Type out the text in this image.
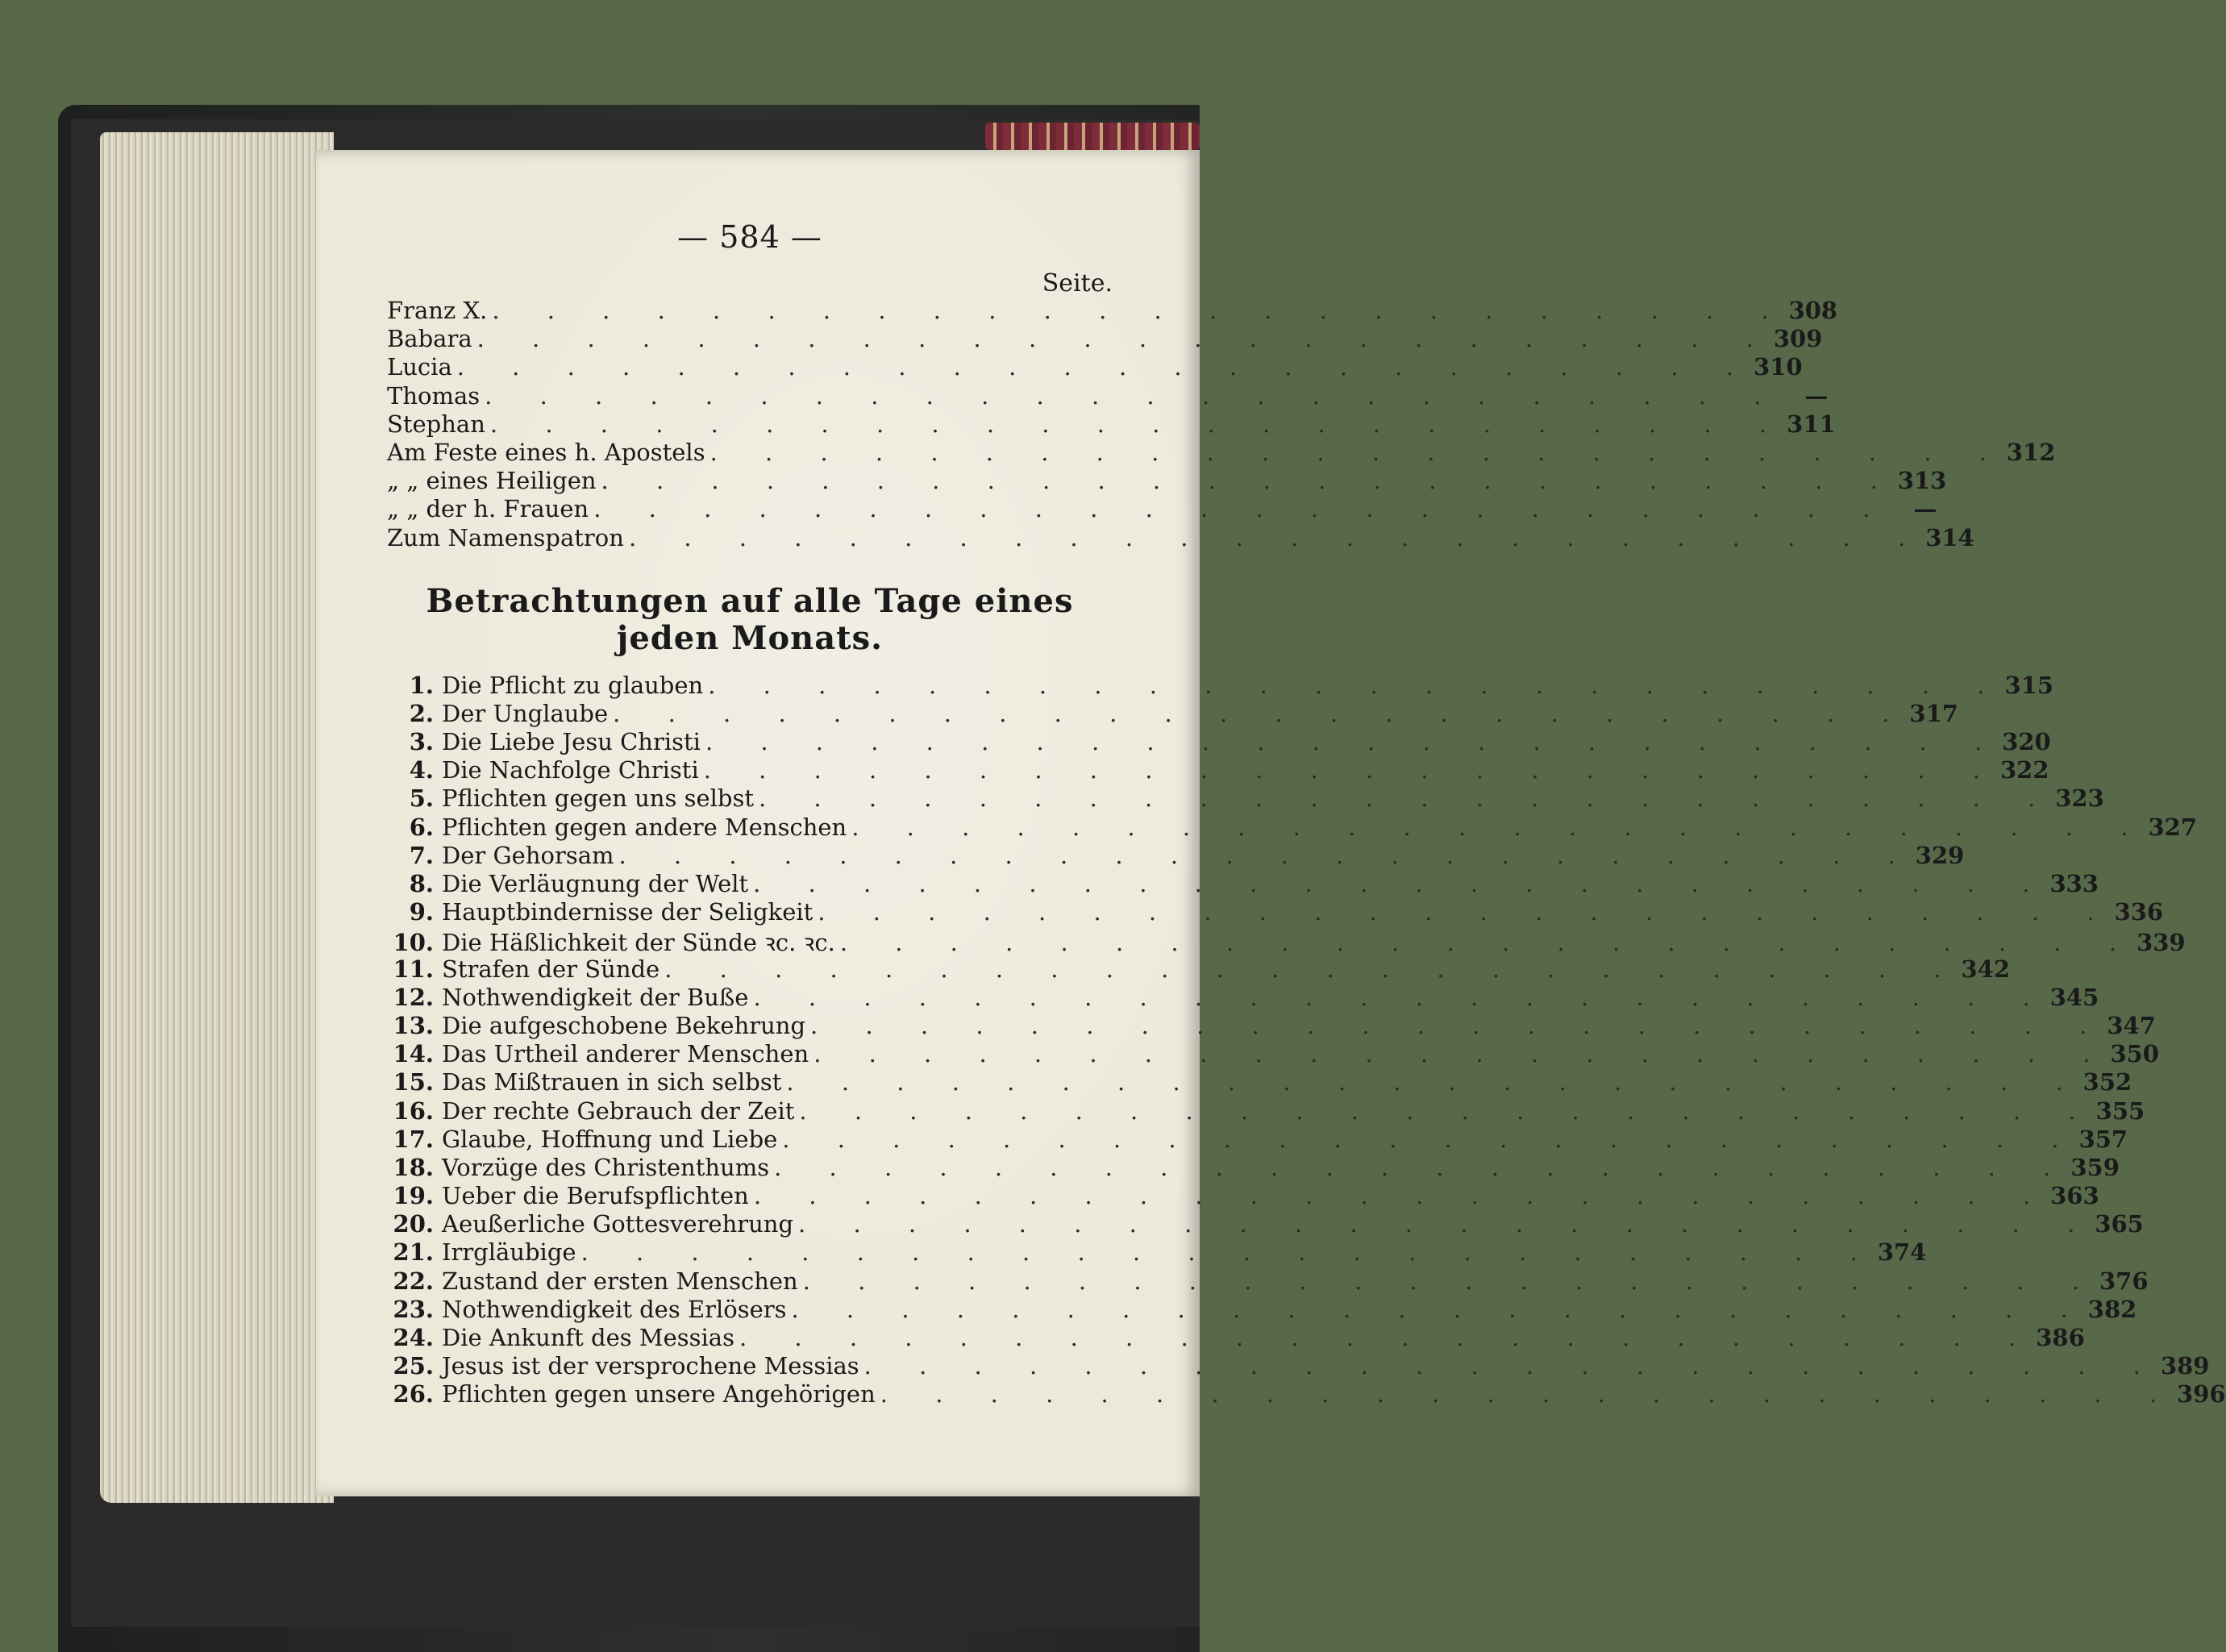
— 584 —
Seite.
Franz X. . . . . . . . . . . . . . . . . . . . . . . . . 308
Babara . . . . . . . . . . . . . . . . . . . . . . . . 309
Lucia . . . . . . . . . . . . . . . . . . . . . . . . 310
Thomas . . . . . . . . . . . . . . . . . . . . . . . .	—
Stephan . . . . . . . . . . . . . . . . . . . . . . . . 311
Am Feste eines h. Apostels . . . . . . . . . . . . . . . . . . . . . . . . 312
„ „ eines Heiligen . . . . . . . . . . . . . . . . . . . . . . . . 313
„ „ der h. Frauen . . . . . . . . . . . . . . . . . . . . . . . .	—
Zum Namenspatron . . . . . . . . . . . . . . . . . . . . . . . . 314
Betrachtungen auf alle Tage eines jeden Monats.
1. Die Pflicht zu glauben . . . . . . . . . . . . . . . . . . . . . . . . 315
2. Der Unglaube . . . . . . . . . . . . . . . . . . . . . . . . 317
3. Die Liebe Jesu Christi . . . . . . . . . . . . . . . . . . . . . . . . 320
4. Die Nachfolge Christi . . . . . . . . . . . . . . . . . . . . . . . . 322
5. Pflichten gegen uns selbst . . . . . . . . . . . . . . . . . . . . . . . . 323
6. Pflichten gegen andere Menschen . . . . . . . . . . . . . . . . . . . . . . . . 327
7. Der Gehorsam . . . . . . . . . . . . . . . . . . . . . . . . 329
8. Die Verläugnung der Welt . . . . . . . . . . . . . . . . . . . . . . . . 333
9. Hauptbindernisse der Seligkeit . . . . . . . . . . . . . . . . . . . . . . . . 336
10. Die Häßlichkeit der Sünde ꝛc. ꝛc. . . . . . . . . . . . . . . . . . . . . . . . . 339
11. Strafen der Sünde . . . . . . . . . . . . . . . . . . . . . . . . 342
12. Nothwendigkeit der Buße . . . . . . . . . . . . . . . . . . . . . . . . 345
13. Die aufgeschobene Bekehrung . . . . . . . . . . . . . . . . . . . . . . . . 347
14. Das Urtheil anderer Menschen . . . . . . . . . . . . . . . . . . . . . . . . 350
15. Das Mißtrauen in sich selbst . . . . . . . . . . . . . . . . . . . . . . . . 352
16. Der rechte Gebrauch der Zeit . . . . . . . . . . . . . . . . . . . . . . . . 355
17. Glaube, Hoffnung und Liebe . . . . . . . . . . . . . . . . . . . . . . . . 357
18. Vorzüge des Christenthums . . . . . . . . . . . . . . . . . . . . . . . . 359
19. Ueber die Berufspflichten . . . . . . . . . . . . . . . . . . . . . . . . 363
20. Aeußerliche Gottesverehrung . . . . . . . . . . . . . . . . . . . . . . . . 365
21. Irrgläubige . . . . . . . . . . . . . . . . . . . . . . . . 374
22. Zustand der ersten Menschen . . . . . . . . . . . . . . . . . . . . . . . . 376
23. Nothwendigkeit des Erlösers . . . . . . . . . . . . . . . . . . . . . . . . 382
24. Die Ankunft des Messias . . . . . . . . . . . . . . . . . . . . . . . . 386
25. Jesus ist der versprochene Messias . . . . . . . . . . . . . . . . . . . . . . . . 389
26. Pflichten gegen unsere Angehörigen . . . . . . . . . . . . . . . . . . . . . . . . 396
